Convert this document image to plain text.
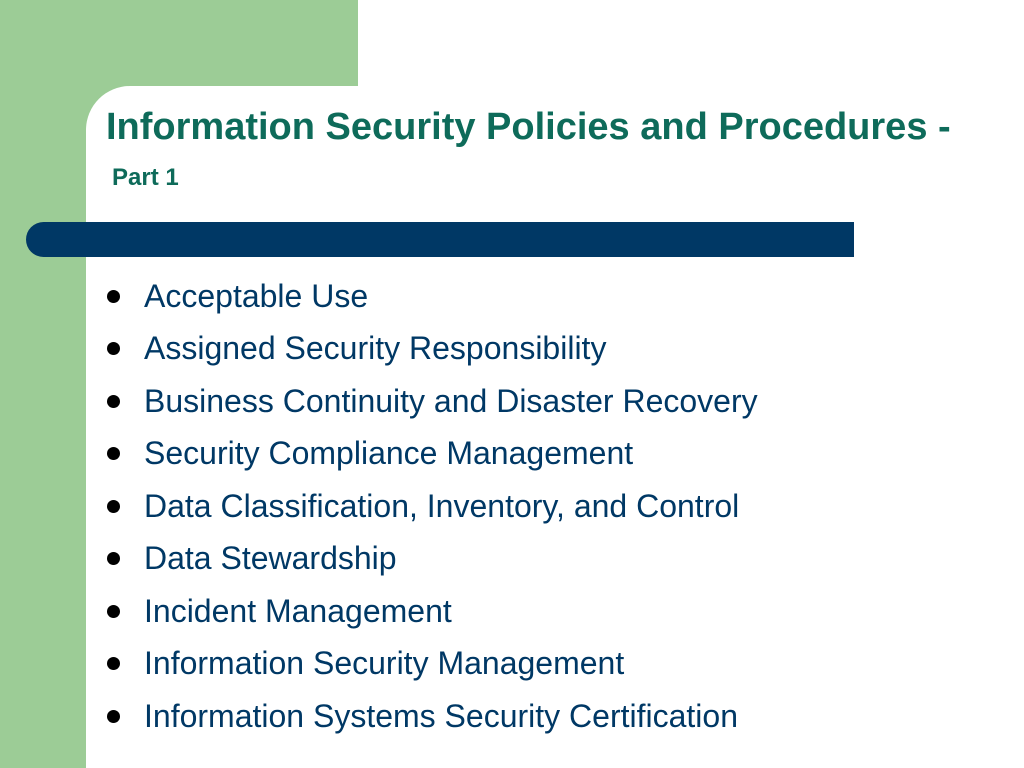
Information Security Policies and Procedures -Part 1
Acceptable Use
Assigned Security Responsibility
Business Continuity and Disaster Recovery
Security Compliance Management
Data Classification, Inventory, and Control
Data Stewardship
Incident Management
Information Security Management
Information Systems Security Certification
